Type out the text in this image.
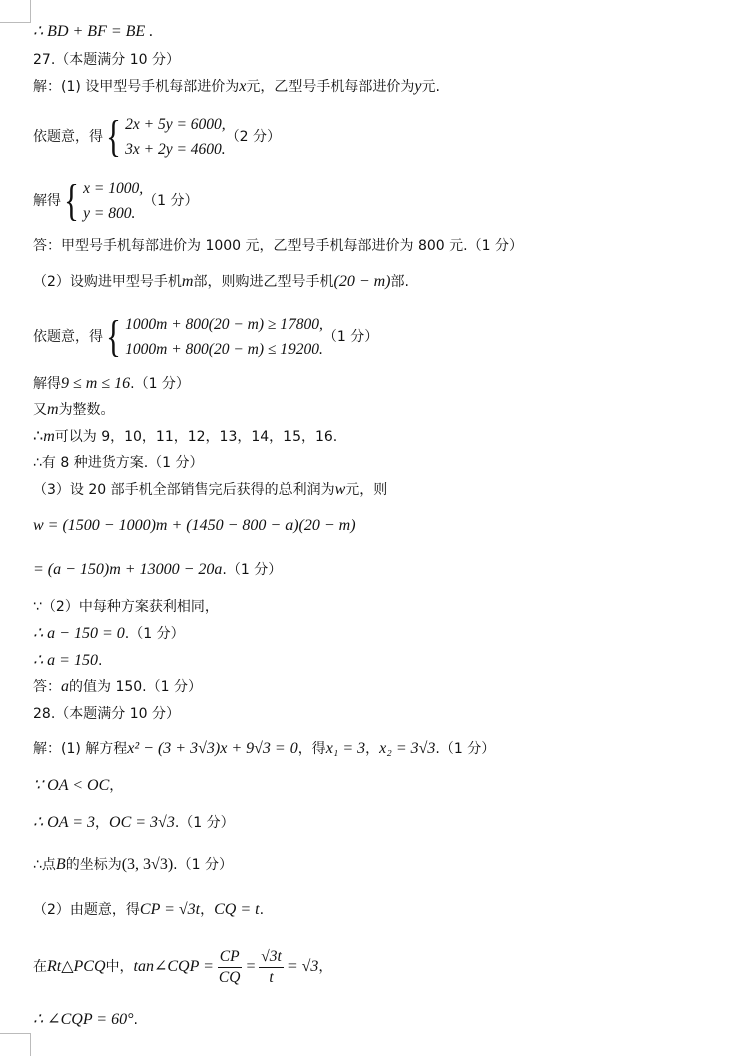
∴ BD + BF = BE .
27.（本题满分 10 分）
解：(1) 设甲型号手机每部进价为 x 元，乙型号手机每部进价为 y 元.
依题意，得 { 2x + 5y = 6000,
3x + 2y = 4600.
（2 分）
解得 { x = 1000,
y = 800.
（1 分）
答：甲型号手机每部进价为 1000 元，乙型号手机每部进价为 800 元.（1 分）
（2）设购进甲型号手机 m 部，则购进乙型号手机 (20 − m) 部.
依题意，得 { 1000m + 800(20 − m) ≥ 17800,
1000m + 800(20 − m) ≤ 19200.
（1 分）
解得 9 ≤ m ≤ 16 .（1 分）
又 m 为整数。
∴ m 可以为 9，10，11，12，13，14，15，16.
∴有 8 种进货方案.（1 分）
（3）设 20 部手机全部销售完后获得的总利润为 w 元，则
w = (1500 − 1000)m + (1450 − 800 − a)(20 − m)
= (a − 150)m + 13000 − 20a .（1 分）
∵（2）中每种方案获利相同，
∴ a − 150 = 0 .（1 分）
∴ a = 150 .
答： a 的值为 150.（1 分）
28.（本题满分 10 分）
解：(1) 解方程 x² − (3 + 3√3)x + 9√3 = 0 ，得 x₁ = 3 ， x₂ = 3√3 .（1 分）
∵ OA < OC ，
∴ OA = 3 ， OC = 3√3 .（1 分）
∴点 B 的坐标为 (3, 3√3) .（1 分）
（2）由题意，得 CP = √3t ， CQ = t .
在 Rt△PCQ 中， tan∠CQP = $\frac{CP}{CQ} = \frac{√3t}{t} = √3$ ，
∴ ∠CQP = 60° .
